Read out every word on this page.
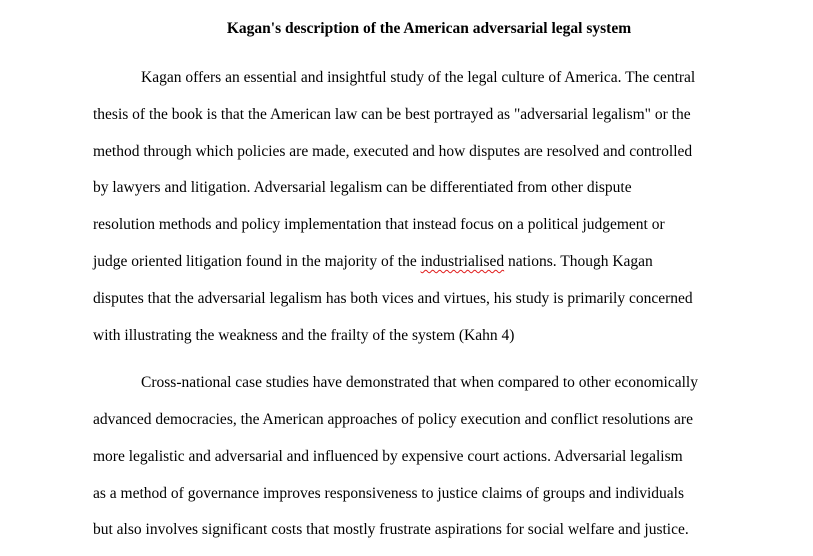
Kagan's description of the American adversarial legal system
Kagan offers an essential and insightful study of the legal culture of America. The central
thesis of the book is that the American law can be best portrayed as "adversarial legalism" or the
method through which policies are made, executed and how disputes are resolved and controlled
by lawyers and litigation. Adversarial legalism can be differentiated from other dispute
resolution methods and policy implementation that instead focus on a political judgement or
judge oriented litigation found in the majority of the industrialised nations. Though Kagan
disputes that the adversarial legalism has both vices and virtues, his study is primarily concerned
with illustrating the weakness and the frailty of the system (Kahn 4)
Cross-national case studies have demonstrated that when compared to other economically
advanced democracies, the American approaches of policy execution and conflict resolutions are
more legalistic and adversarial and influenced by expensive court actions. Adversarial legalism
as a method of governance improves responsiveness to justice claims of groups and individuals
but also involves significant costs that mostly frustrate aspirations for social welfare and justice.
